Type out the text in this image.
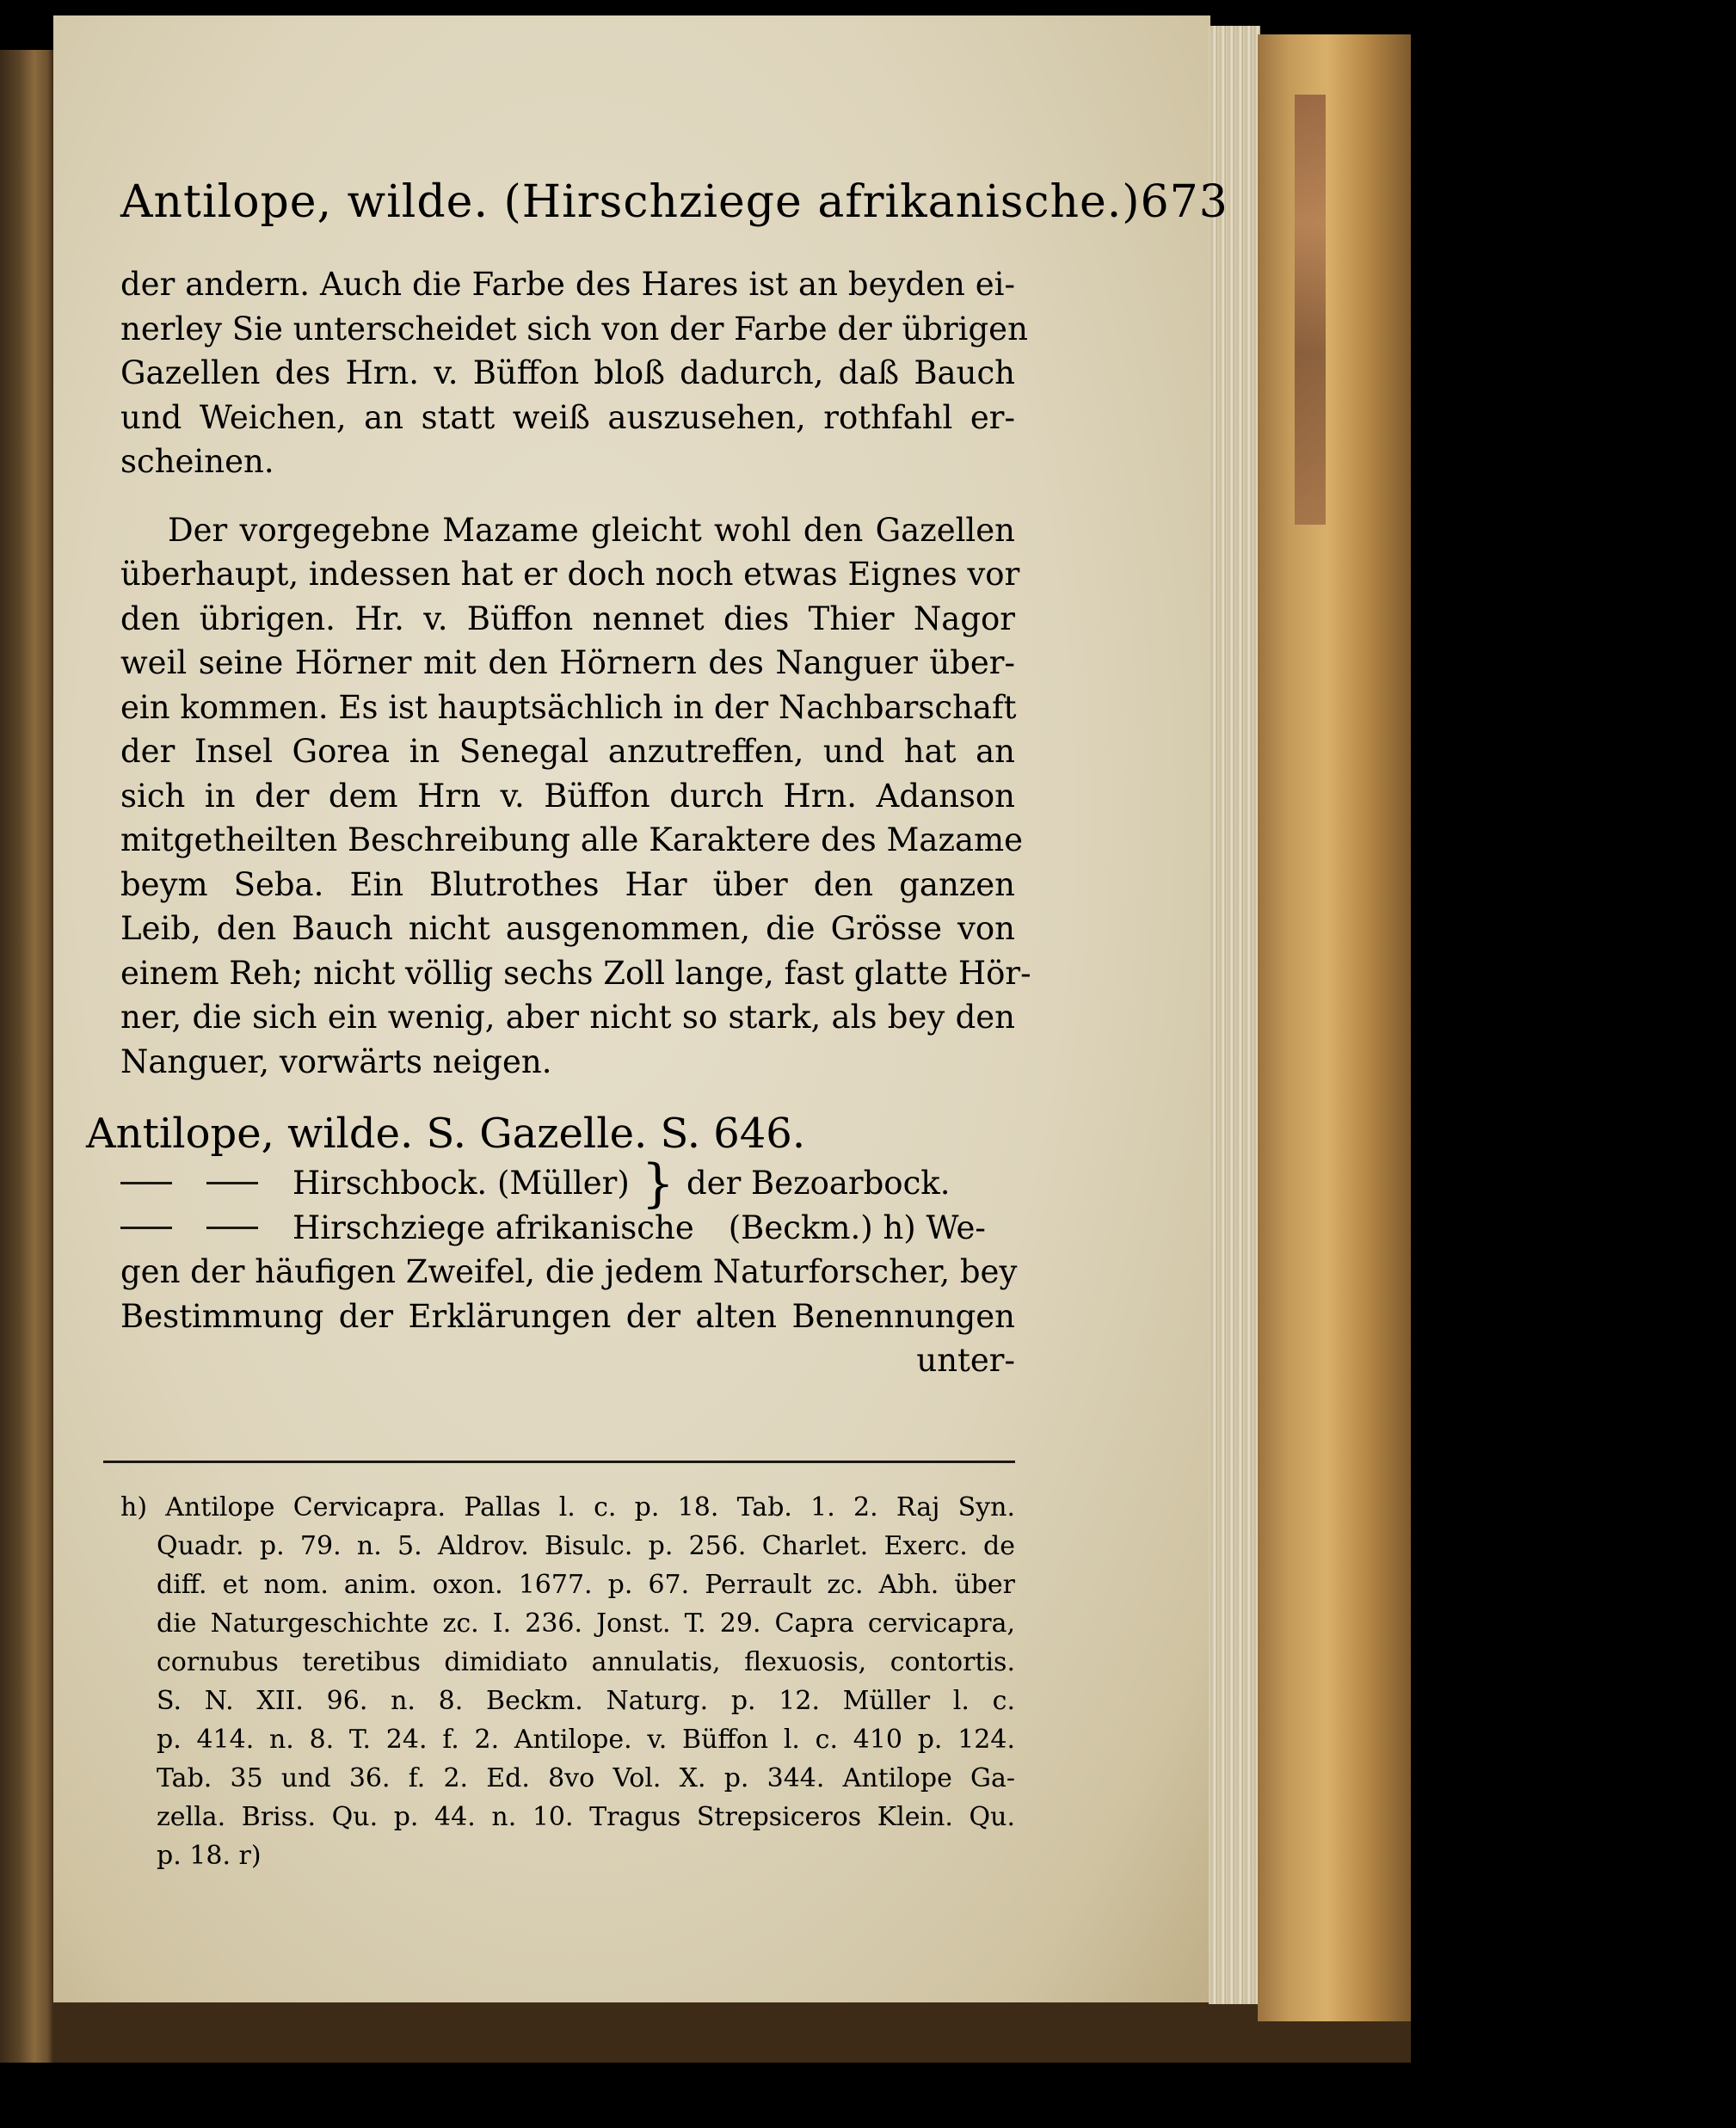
Antilope, wilde. (Hirschziege afrikanische.) 673
der andern. Auch die Farbe des Hares ist an beyden ei-
nerley Sie unterscheidet sich von der Farbe der übrigen
Gazellen des Hrn. v. Büffon bloß dadurch, daß Bauch
und Weichen, an statt weiß auszusehen, rothfahl er-
scheinen.
Der vorgegebne Mazame gleicht wohl den Gazellen
überhaupt, indessen hat er doch noch etwas Eignes vor
den übrigen. Hr. v. Büffon nennet dies Thier Nagor
weil seine Hörner mit den Hörnern des Nanguer über-
ein kommen. Es ist hauptsächlich in der Nachbarschaft
der Insel Gorea in Senegal anzutreffen, und hat an
sich in der dem Hrn v. Büffon durch Hrn. Adanson
mitgetheilten Beschreibung alle Karaktere des Mazame
beym Seba. Ein Blutrothes Har über den ganzen
Leib, den Bauch nicht ausgenommen, die Grösse von
einem Reh; nicht völlig sechs Zoll lange, fast glatte Hör-
ner, die sich ein wenig, aber nicht so stark, als bey den
Nanguer, vorwärts neigen.
Antilope, wilde. S. Gazelle. S. 646.
Hirschbock. (Müller) } der Bezoarbock.
Hirschziege afrikanische (Beckm.) h) We-
gen der häufigen Zweifel, die jedem Naturforscher, bey
Bestimmung der Erklärungen der alten Benennungen
unter-
h) Antilope Cervicapra. Pallas l. c. p. 18. Tab. 1. 2. Raj Syn.
Quadr. p. 79. n. 5. Aldrov. Bisulc. p. 256. Charlet. Exerc. de
diff. et nom. anim. oxon. 1677. p. 67. Perrault zc. Abh. über
die Naturgeschichte zc. I. 236. Jonst. T. 29. Capra cervicapra,
cornubus teretibus dimidiato annulatis, flexuosis, contortis.
S. N. XII. 96. n. 8. Beckm. Naturg. p. 12. Müller l. c.
p. 414. n. 8. T. 24. f. 2. Antilope. v. Büffon l. c. 410 p. 124.
Tab. 35 und 36. f. 2. Ed. 8vo Vol. X. p. 344. Antilope Ga-
zella. Briss. Qu. p. 44. n. 10. Tragus Strepsiceros Klein. Qu.
p. 18. r)
